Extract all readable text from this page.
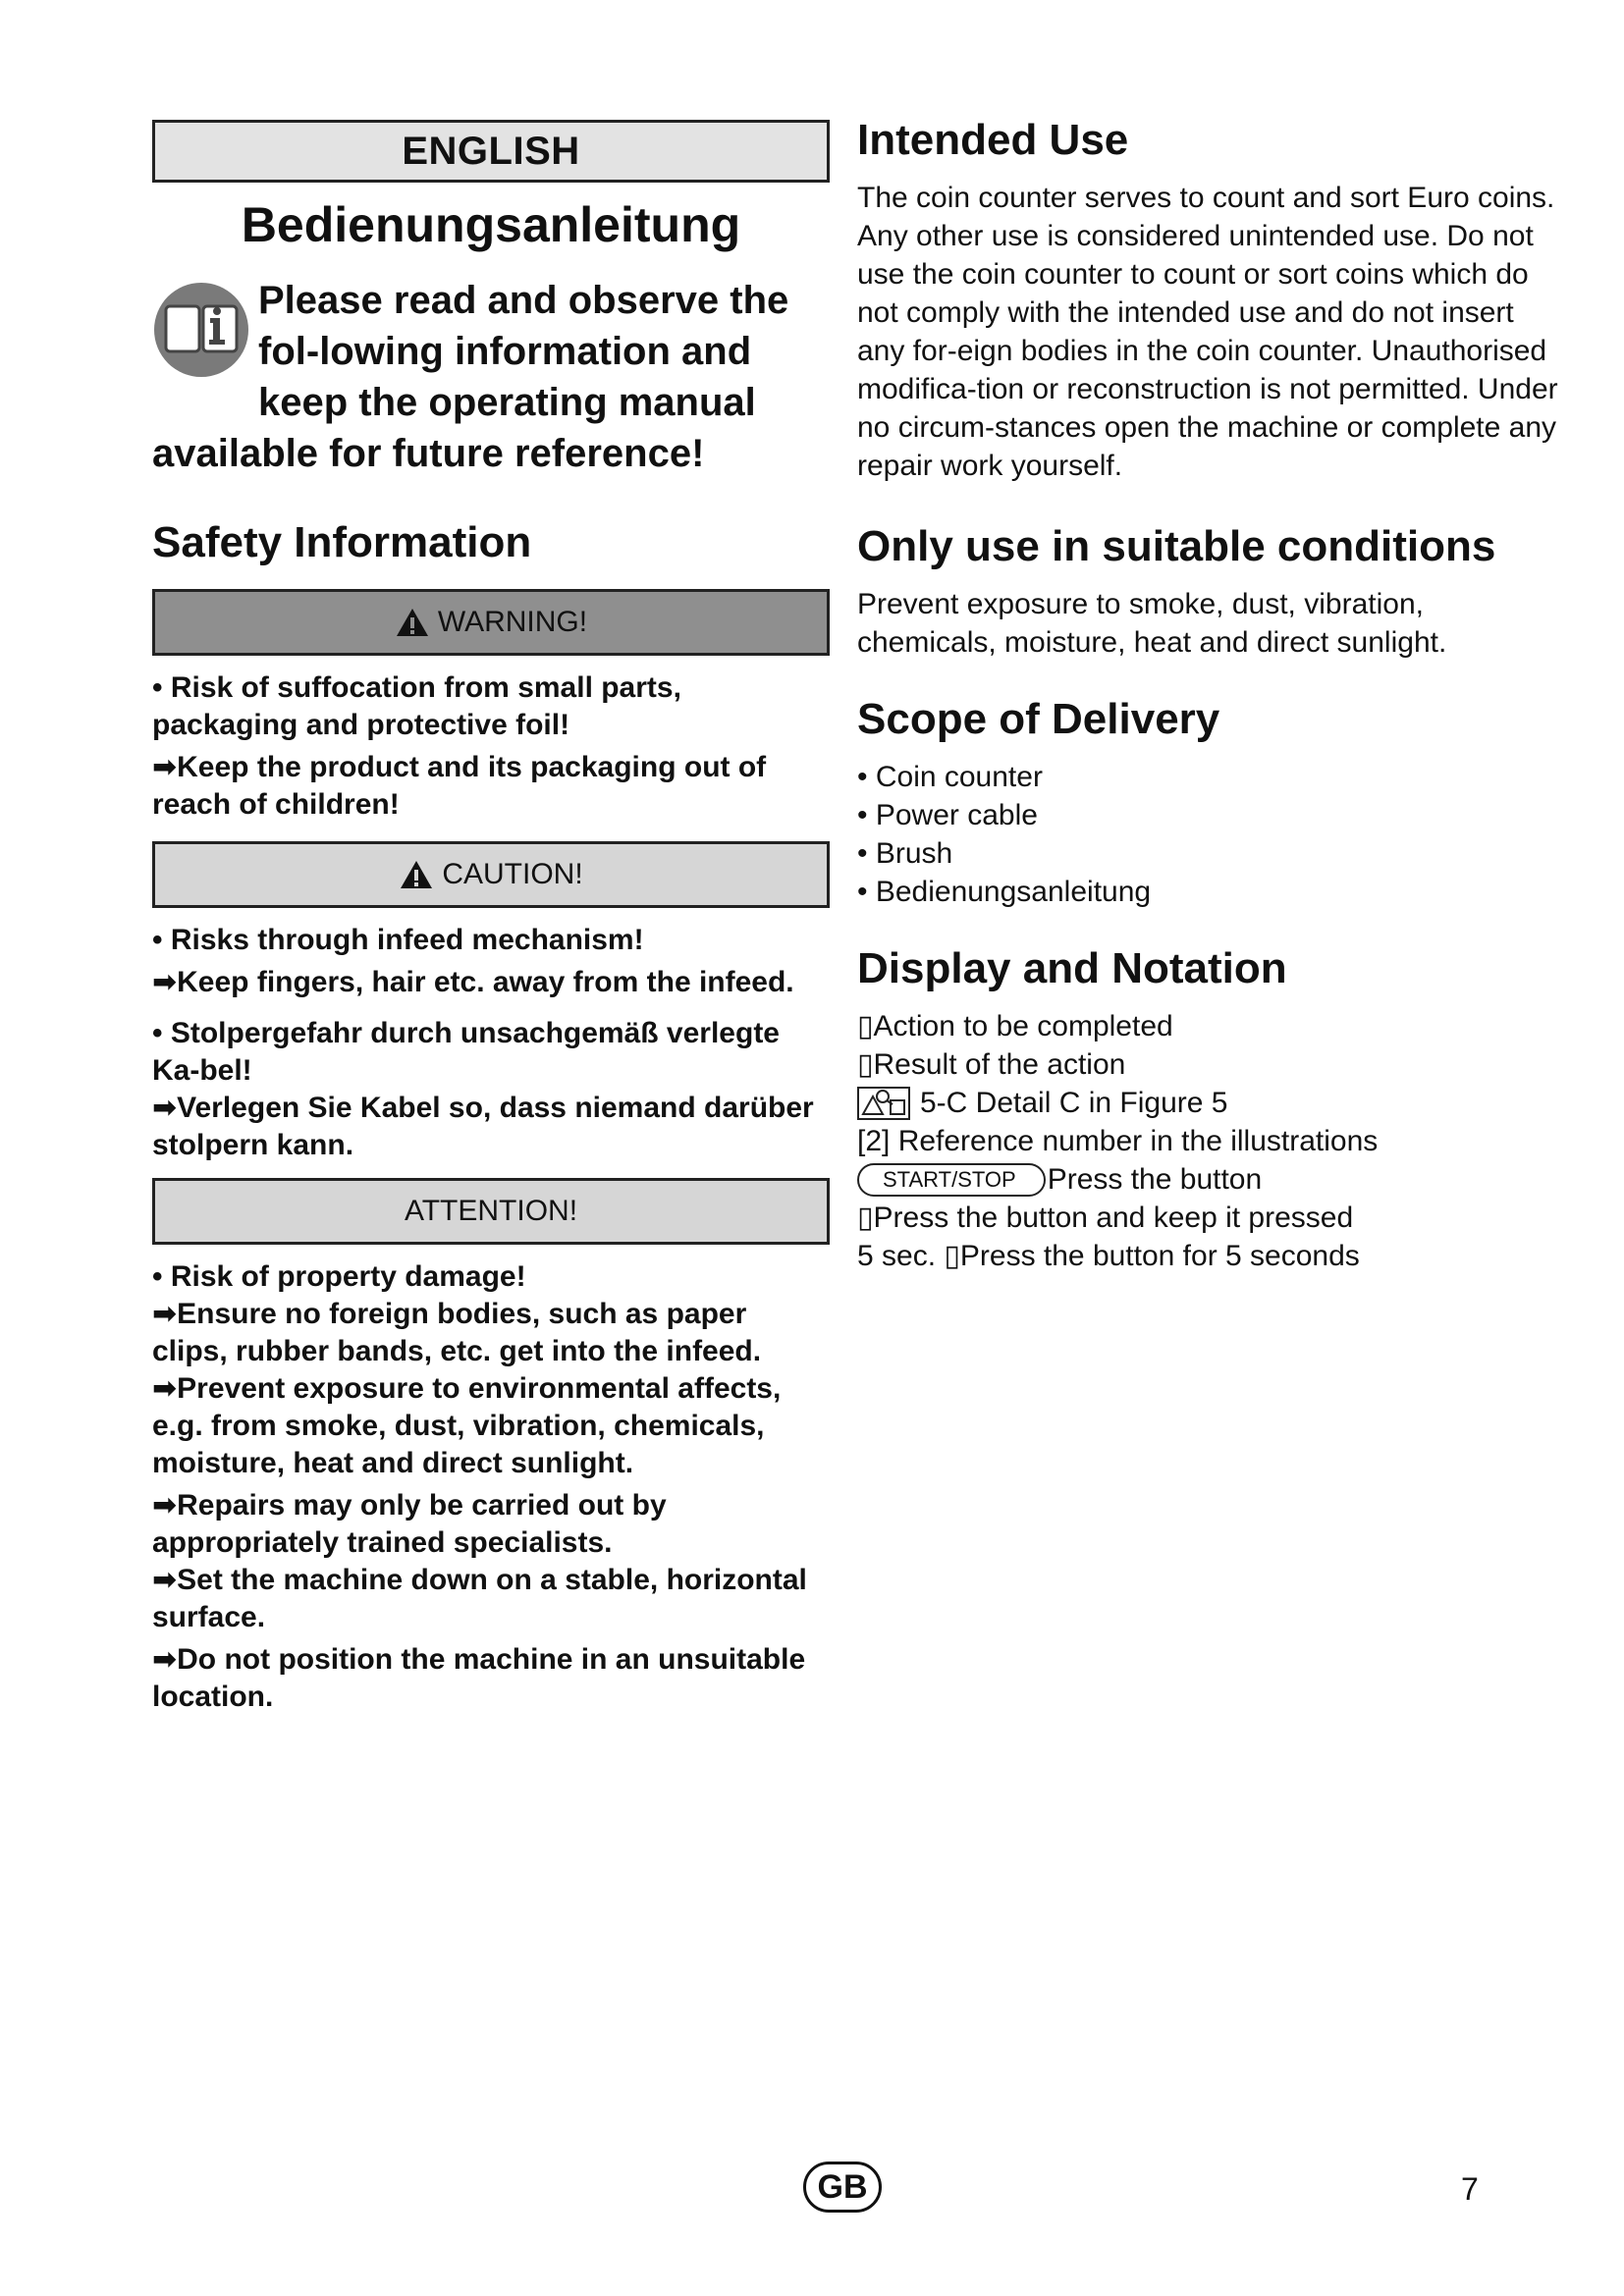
ENGLISH
Bedienungsanleitung

Please read and observe the fol-lowing information and keep the operating manual available for future reference!

Safety Information
WARNING!

• Risk of suffocation from small parts, packaging and protective foil!

➡Keep the product and its packaging out of reach of children!

CAUTION!

• Risks through infeed mechanism!

➡Keep fingers, hair etc. away from the infeed.

• Stolpergefahr durch unsachgemäß verlegte Ka-bel!

➡Verlegen Sie Kabel so, dass niemand darüber stolpern kann.

ATTENTION!

• Risk of property damage!

➡Ensure no foreign bodies, such as paper clips, rubber bands, etc. get into the infeed.

➡Prevent exposure to environmental affects, e.g. from smoke, dust, vibration, chemicals, moisture, heat and direct sunlight.

➡Repairs may only be carried out by appropriately trained specialists.

➡Set the machine down on a stable, horizontal surface.

➡Do not position the machine in an unsuitable location.

Intended Use

The coin counter serves to count and sort Euro coins. Any other use is considered unintended use. Do not use the coin counter to count or sort coins which do not comply with the intended use and do not insert any for-eign bodies in the coin counter. Unauthorised modifica-tion or reconstruction is not permitted. Under no circum-stances open the machine or complete any repair work yourself.

Only use in suitable conditions

Prevent exposure to smoke, dust, vibration, chemicals, moisture, heat and direct sunlight.

Scope of Delivery

• Coin counter

• Power cable

• Brush

• Bedienungsanleitung

Display and Notation

▯Action to be completed

▯Result of the action

5-C Detail C in Figure 5

[2] Reference number in the illustrations

START/STOP	Press the button

▯Press the button and keep it pressed

5 sec. ▯Press the button for 5 seconds

GB	7
